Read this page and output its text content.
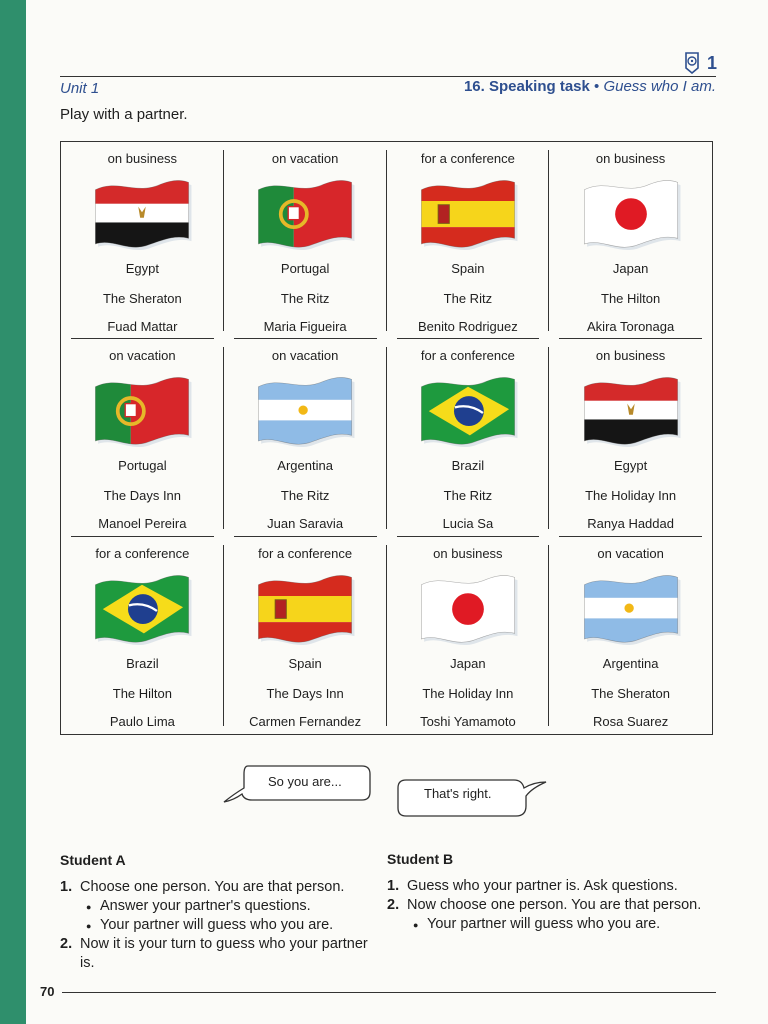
1
Unit 1	16. Speaking task • Guess who I am.
Play with a partner.
on business
Egypt
The Sheraton
Fuad Mattar
on vacation
Portugal
The Ritz
Maria Figueira
for a conference
Spain
The Ritz
Benito Rodriguez
on business
Japan
The Hilton
Akira Toronaga
on vacation
Portugal
The Days Inn
Manoel Pereira
on vacation
Argentina
The Ritz
Juan Saravia
for a conference
Brazil
The Ritz
Lucia Sa
on business
Egypt
The Holiday Inn
Ranya Haddad
for a conference
Brazil
The Hilton
Paulo Lima
for a conference
Spain
The Days Inn
Carmen Fernandez
on business
Japan
The Holiday Inn
Toshi Yamamoto
on vacation
Argentina
The Sheraton
Rosa Suarez
So you are...
That's right.
Student A
1. Choose one person. You are that person.
● Answer your partner's questions.
● Your partner will guess who you are.
2. Now it is your turn to guess who your partner is.
Student B
1. Guess who your partner is. Ask questions.
2. Now choose one person. You are that person.
● Your partner will guess who you are.
70
